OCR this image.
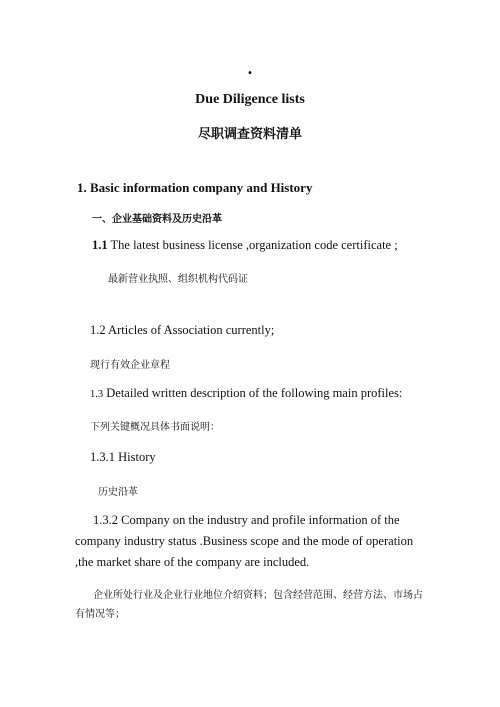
.
Due Diligence lists
尽职调查资料清单
1. Basic information company and History
一、企业基础资料及历史沿革
1.1 The latest business license ,organization code certificate ;
最新营业执照、组织机构代码证
1.2 Articles of Association currently;
现行有效企业章程
1.3 Detailed written description of the following main profiles:
下列关键概况具体书面说明：
1.3.1 History
历史沿革
1.3.2 Company on the industry and profile information of the company industry status .Business scope and the mode of operation ,the market share of the company are included.
企业所处行业及企业行业地位介绍资料；包含经营范围、经营方法、市场占有情况等；
